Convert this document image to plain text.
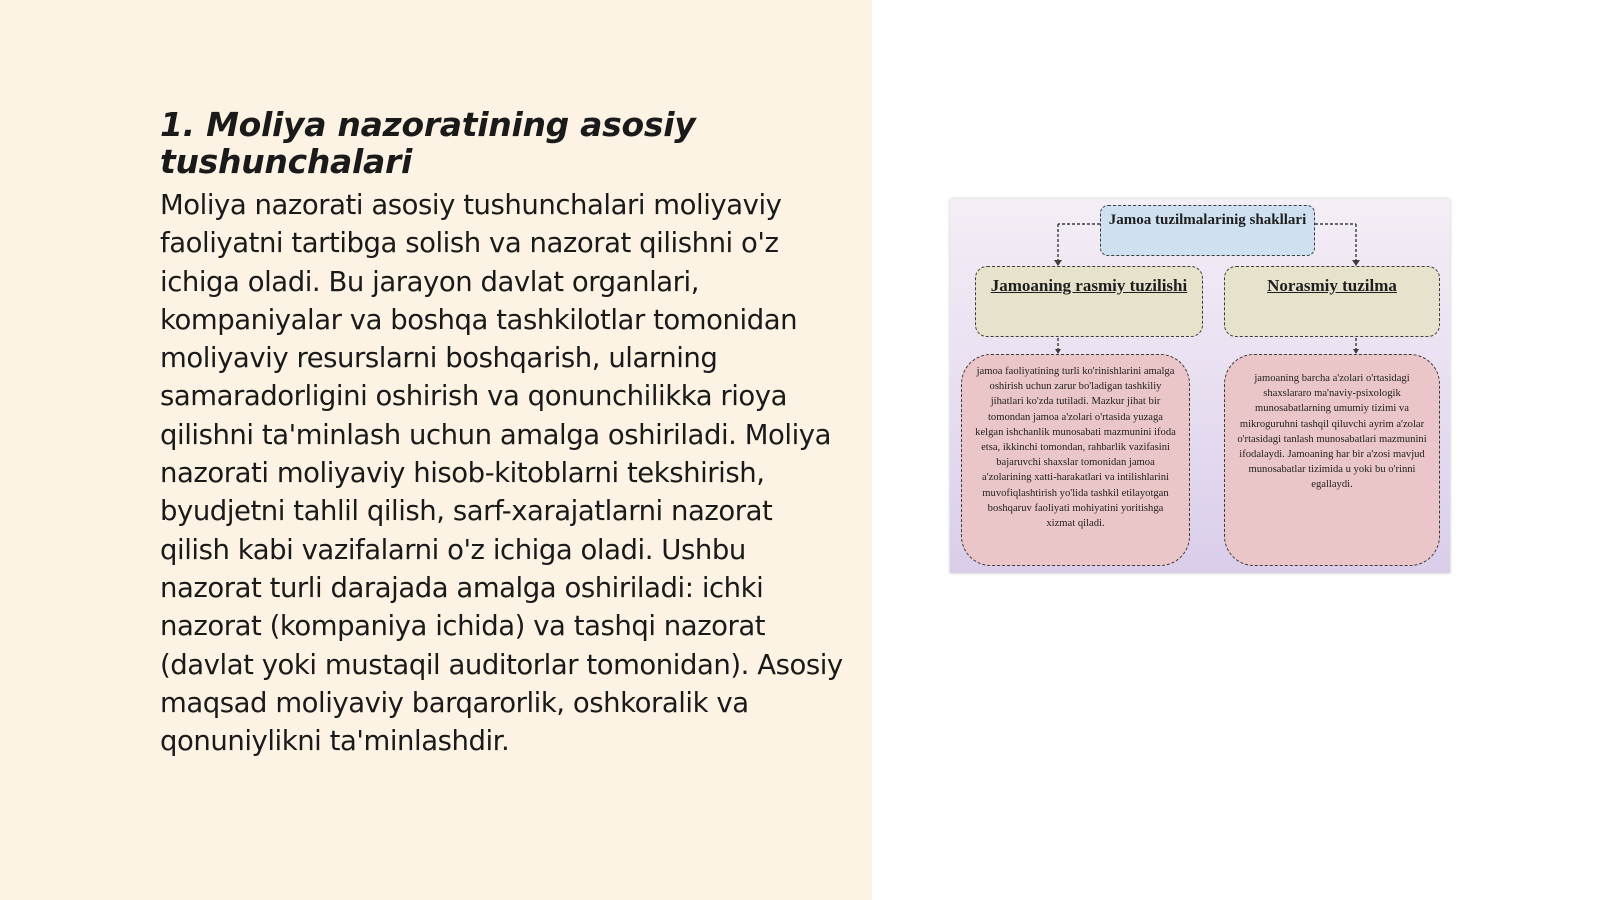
1. Moliya nazoratining asosiy tushunchalari

Moliya nazorati asosiy tushunchalari moliyaviy faoliyatni tartibga solish va nazorat qilishni o'z ichiga oladi. Bu jarayon davlat organlari, kompaniyalar va boshqa tashkilotlar tomonidan moliyaviy resurslarni boshqarish, ularning samaradorligini oshirish va qonunchilikka rioya qilishni ta'minlash uchun amalga oshiriladi. Moliya nazorati moliyaviy hisob-kitoblarni tekshirish, byudjetni tahlil qilish, sarf-xarajatlarni nazorat qilish kabi vazifalarni o'z ichiga oladi. Ushbu nazorat turli darajada amalga oshiriladi: ichki nazorat (kompaniya ichida) va tashqi nazorat (davlat yoki mustaqil auditorlar tomonidan). Asosiy maqsad moliyaviy barqarorlik, oshkoralik va qonuniylikni ta'minlashdir.

Jamoa tuzilmalarinig shakllari
Jamoaning rasmiy tuzilishi	Norasmiy tuzilma
jamoa faoliyatining turli ko'rinishlarini amalga oshirish uchun zarur bo'ladigan tashkiliy jihatlari ko'zda tutiladi. Mazkur jihat bir tomondan jamoa a'zolari o'rtasida yuzaga kelgan ishchanlik munosabati mazmunini ifoda etsa, ikkinchi tomondan, rahbarlik vazifasini bajaruvchi shaxslar tomonidan jamoa a'zolarining xatti-harakatlari va intilishlarini muvofiqlashtirish yo'lida tashkil etilayotgan boshqaruv faoliyati mohiyatini yoritishga xizmat qiladi.
jamoaning barcha a'zolari o'rtasidagi shaxslararo ma'naviy-psixologik munosabatlarning umumiy tizimi va mikroguruhni tashqil qiluvchi ayrim a'zolar o'rtasidagi tanlash munosabatlari mazmunini ifodalaydi. Jamoaning har bir a'zosi mavjud munosabatlar tizimida u yoki bu o'rinni egallaydi.
